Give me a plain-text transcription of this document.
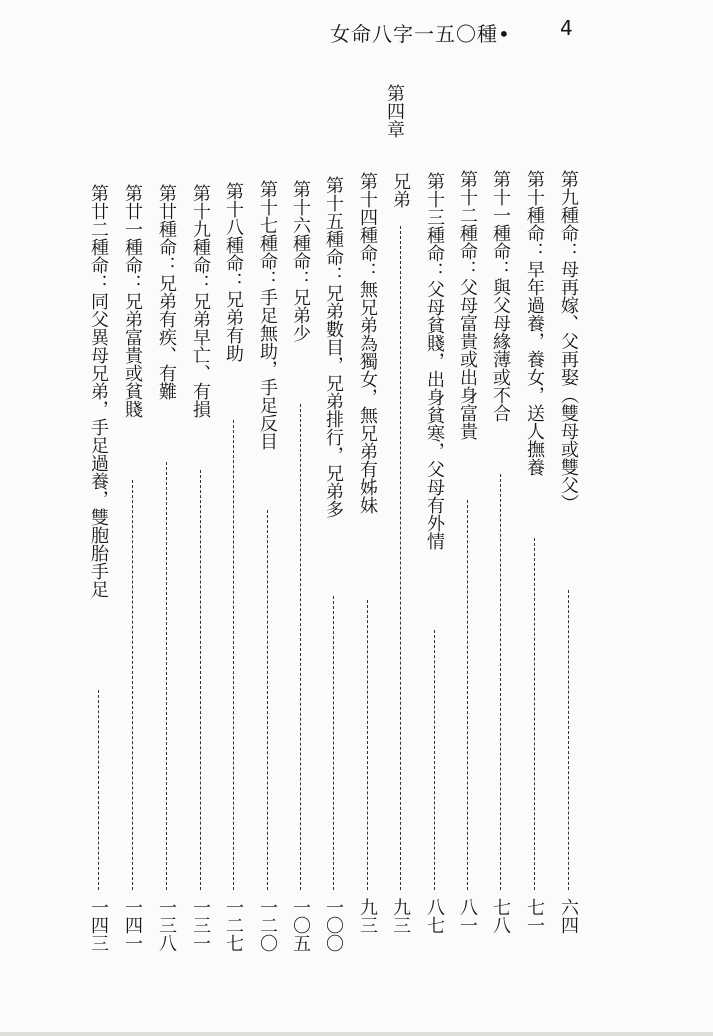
女命八字一五〇種• 4
第四章
第九種命：母再嫁、父再娶（雙母或雙父）
六四
第十種命：早年過養，養女，送人撫養
七一
第十一種命：與父母緣薄或不合
七八
第十二種命：父母富貴或出身富貴
八一
第十三種命：父母貧賤，出身貧寒，父母有外情
八七
兄弟
九三
第十四種命：無兄弟為獨女，無兄弟有姊妹
九三
第十五種命：兄弟數目，兄弟排行，兄弟多
一〇〇
第十六種命：兄弟少
一〇五
第十七種命：手足無助，手足反目
一二〇
第十八種命：兄弟有助
一二七
第十九種命：兄弟早亡、有損
一三一
第廿種命：兄弟有疾、有難
一三八
第廿一種命：兄弟富貴或貧賤
一四一
第廿二種命：同父異母兄弟，手足過養，雙胞胎手足
一四三
